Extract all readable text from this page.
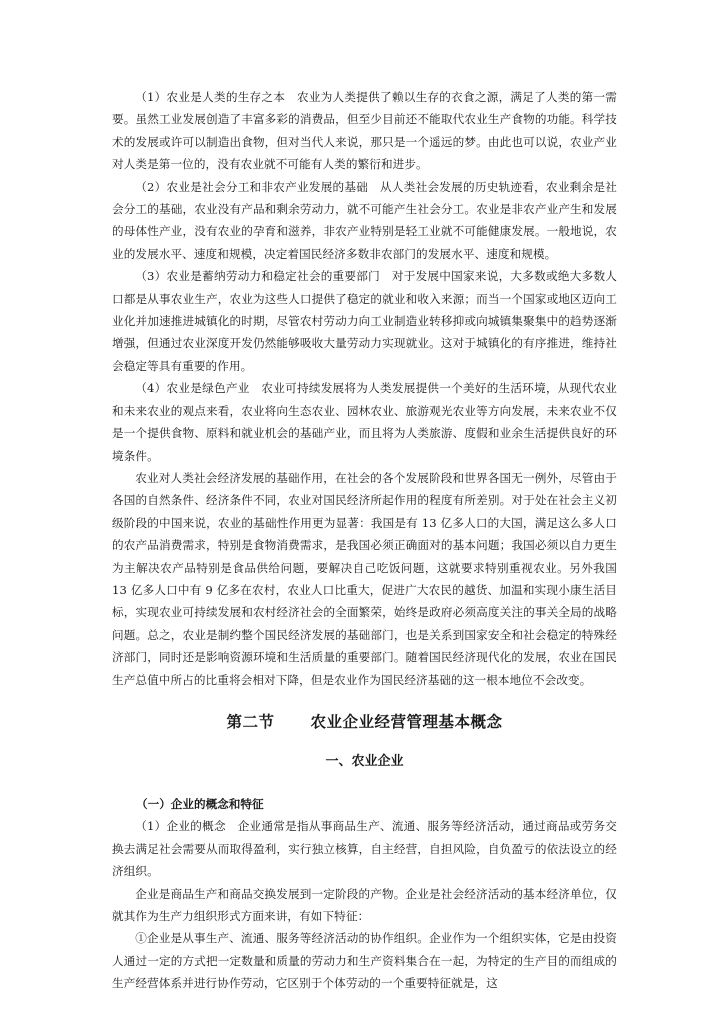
（1）农业是人类的生存之本　农业为人类提供了赖以生存的衣食之源，满足了人类的第一需要。虽然工业发展创造了丰富多彩的消费品，但至少目前还不能取代农业生产食物的功能。科学技术的发展或许可以制造出食物，但对当代人来说，那只是一个遥远的梦。由此也可以说，农业产业对人类是第一位的，没有农业就不可能有人类的繁衍和进步。

（2）农业是社会分工和非农产业发展的基础　从人类社会发展的历史轨迹看，农业剩余是社会分工的基础，农业没有产品和剩余劳动力，就不可能产生社会分工。农业是非农产业产生和发展的母体性产业，没有农业的孕育和滋养，非农产业特别是轻工业就不可能健康发展。一般地说，农业的发展水平、速度和规模，决定着国民经济多数非农部门的发展水平、速度和规模。

（3）农业是蓄纳劳动力和稳定社会的重要部门　对于发展中国家来说，大多数或绝大多数人口都是从事农业生产，农业为这些人口提供了稳定的就业和收入来源；而当一个国家或地区迈向工业化并加速推进城镇化的时期，尽管农村劳动力向工业制造业转移抑或向城镇集聚集中的趋势逐渐增强，但通过农业深度开发仍然能够吸收大量劳动力实现就业。这对于城镇化的有序推进，维持社会稳定等具有重要的作用。

（4）农业是绿色产业　农业可持续发展将为人类发展提供一个美好的生活环境，从现代农业和未来农业的观点来看，农业将向生态农业、园林农业、旅游观光农业等方向发展，未来农业不仅是一个提供食物、原料和就业机会的基础产业，而且将为人类旅游、度假和业余生活提供良好的环境条件。

农业对人类社会经济发展的基础作用，在社会的各个发展阶段和世界各国无一例外，尽管由于各国的自然条件、经济条件不同，农业对国民经济所起作用的程度有所差别。对于处在社会主义初级阶段的中国来说，农业的基础性作用更为显著：我国是有 13 亿多人口的大国，满足这么多人口的农产品消费需求，特别是食物消费需求，是我国必须正确面对的基本问题；我国必须以自力更生为主解决农产品特别是食品供给问题，要解决自己吃饭问题，这就要求特别重视农业。另外我国 13 亿多人口中有 9 亿多在农村，农业人口比重大，促进广大农民的越货、加温和实现小康生活目标，实现农业可持续发展和农村经济社会的全面繁荣，始终是政府必须高度关注的事关全局的战略问题。总之，农业是制约整个国民经济发展的基础部门，也是关系到国家安全和社会稳定的特殊经济部门，同时还是影响资源环境和生活质量的重要部门。随着国民经济现代化的发展，农业在国民生产总值中所占的比重将会相对下降，但是农业作为国民经济基础的这一根本地位不会改变。

第二节 农业企业经营管理基本概念
一、农业企业
（一）企业的概念和特征

（1）企业的概念　企业通常是指从事商品生产、流通、服务等经济活动，通过商品或劳务交换去满足社会需要从而取得盈利，实行独立核算，自主经营，自担风险，自负盈亏的依法设立的经济组织。

企业是商品生产和商品交换发展到一定阶段的产物。企业是社会经济活动的基本经济单位，仅就其作为生产力组织形式方面来讲，有如下特征：

①企业是从事生产、流通、服务等经济活动的协作组织。企业作为一个组织实体，它是由投资人通过一定的方式把一定数量和质量的劳动力和生产资料集合在一起，为特定的生产目的而组成的生产经营体系并进行协作劳动，它区别于个体劳动的一个重要特征就是，这
